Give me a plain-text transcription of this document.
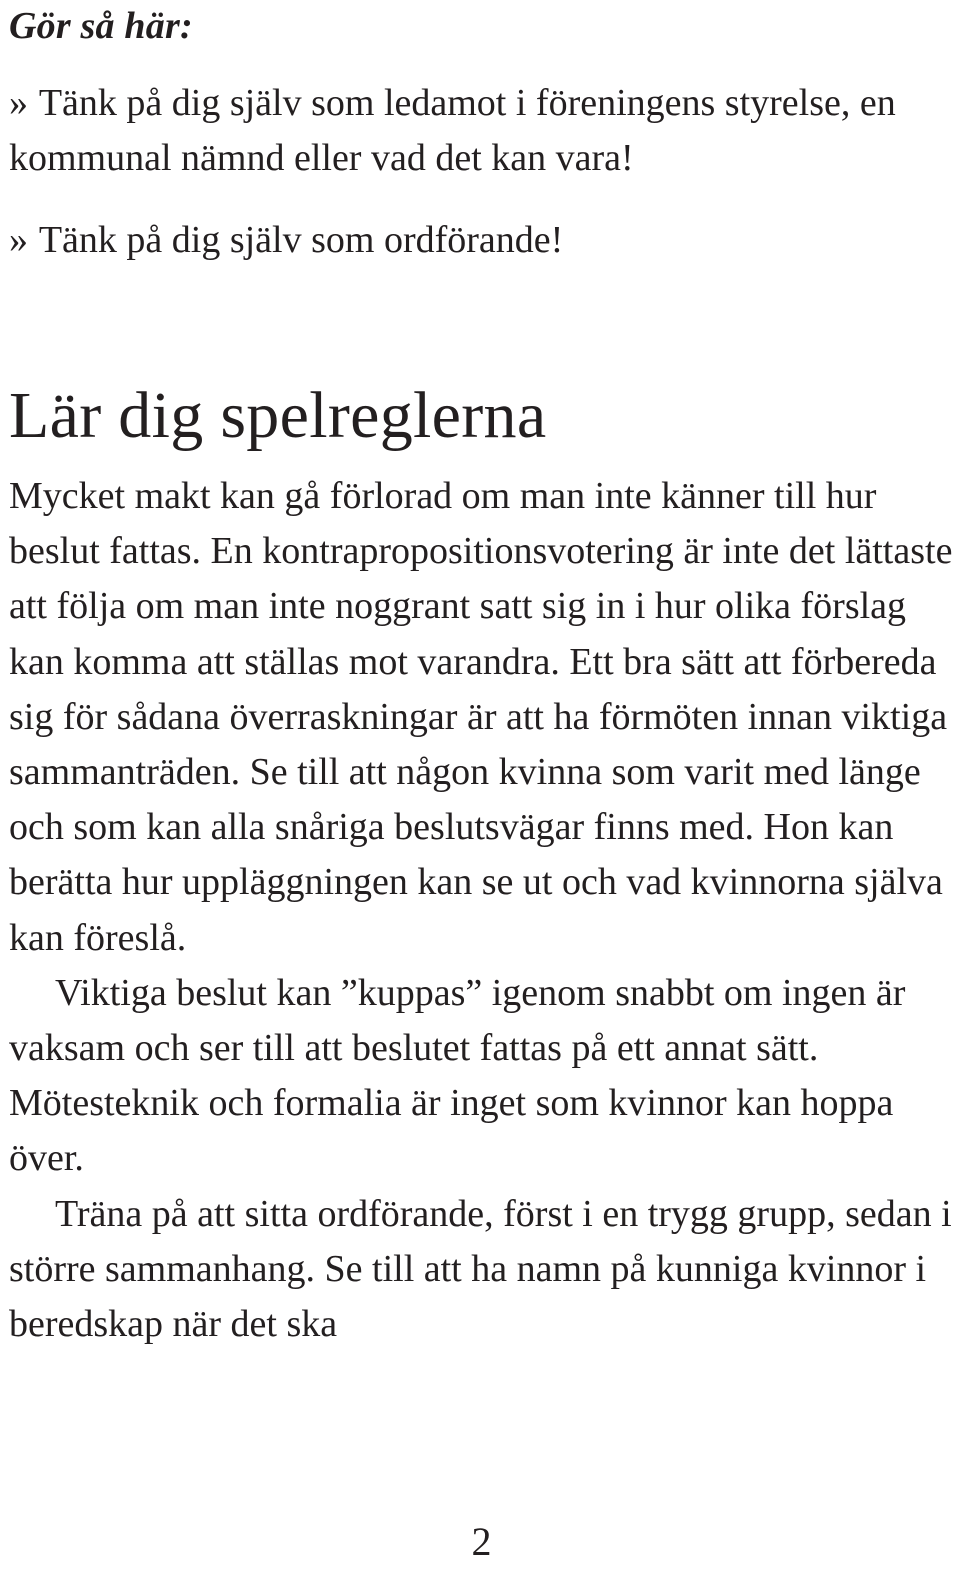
Gör så här:
» Tänk på dig själv som ledamot i föreningens styrelse, en kommunal nämnd eller vad det kan vara!
» Tänk på dig själv som ordförande!
Lär dig spelreglerna

Mycket makt kan gå förlorad om man inte känner till hur beslut fattas. En kontrapropositionsvotering är inte det lättaste att följa om man inte noggrant satt sig in i hur olika förslag kan komma att ställas mot varandra. Ett bra sätt att förbereda sig för sådana överraskningar är att ha förmöten innan viktiga sammanträden. Se till att någon kvinna som varit med länge och som kan alla snåriga beslutsvägar finns med. Hon kan berätta hur uppläggningen kan se ut och vad kvinnorna själva kan föreslå.

Viktiga beslut kan ”kuppas” igenom snabbt om ingen är vaksam och ser till att beslutet fattas på ett annat sätt. Mötesteknik och formalia är inget som kvinnor kan hoppa över.

Träna på att sitta ordförande, först i en trygg grupp, sedan i större sammanhang. Se till att ha namn på kunniga kvinnor i beredskap när det ska

2
